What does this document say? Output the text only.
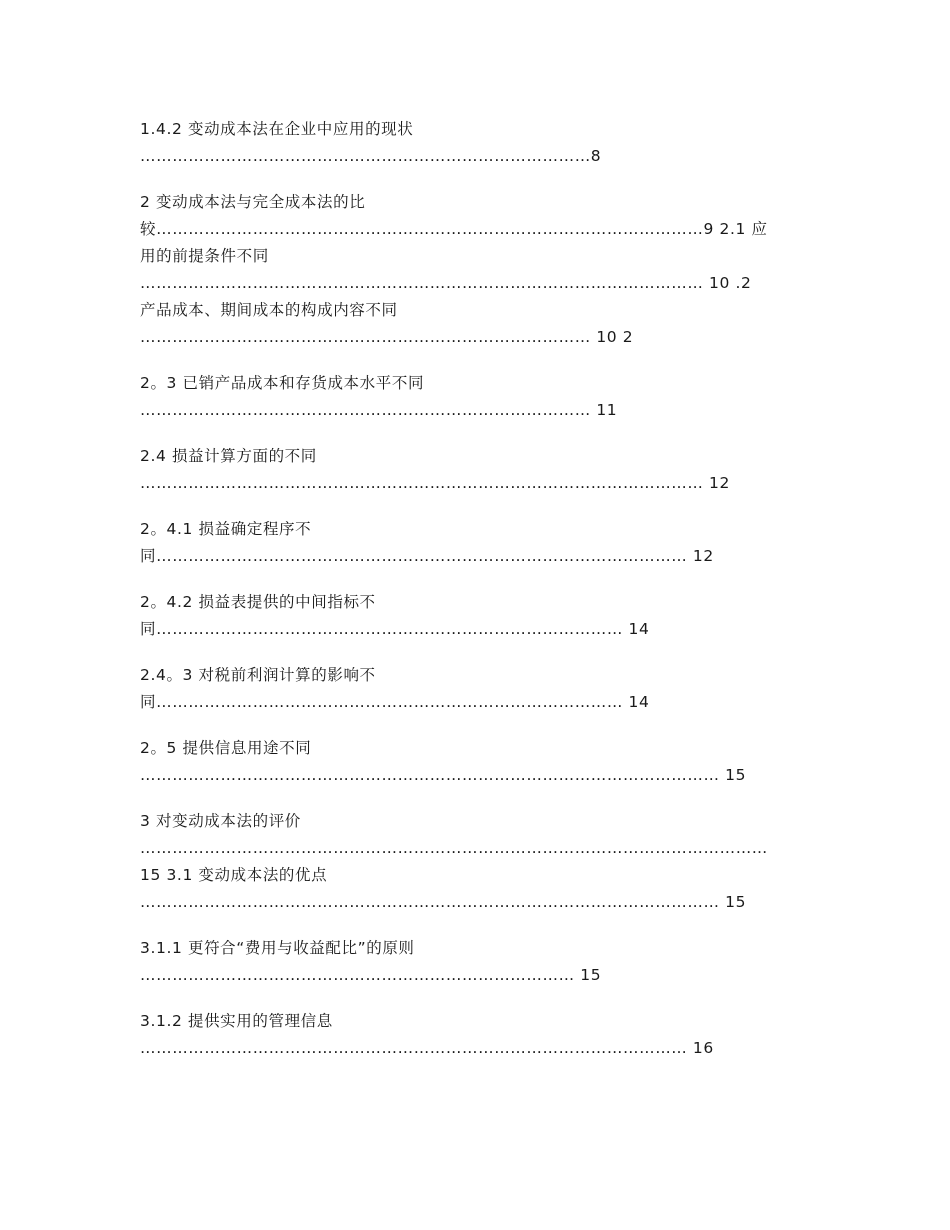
1.4.2 变动成本法在企业中应用的现状
…………………………………………………………………………8
2 变动成本法与完全成本法的比
较…………………………………………………………………………………………9 2.1 应
用的前提条件不同
…………………………………………………………………………………………… 10 .2
产品成本、期间成本的构成内容不同
………………………………………………………………………… 10 2
2。3 已销产品成本和存货成本水平不同
………………………………………………………………………… 11
2.4 损益计算方面的不同
…………………………………………………………………………………………… 12
2。4.1 损益确定程序不
同……………………………………………………………………………………… 12
2。4.2 损益表提供的中间指标不
同…………………………………………………………………………… 14
2.4。3 对税前利润计算的影响不
同…………………………………………………………………………… 14
2。5 提供信息用途不同
……………………………………………………………………………………………… 15
3 对变动成本法的评价
………………………………………………………………………………………………………
15 3.1 变动成本法的优点
……………………………………………………………………………………………… 15
3.1.1 更符合“费用与收益配比”的原则
……………………………………………………………………… 15
3.1.2 提供实用的管理信息
………………………………………………………………………………………… 16
